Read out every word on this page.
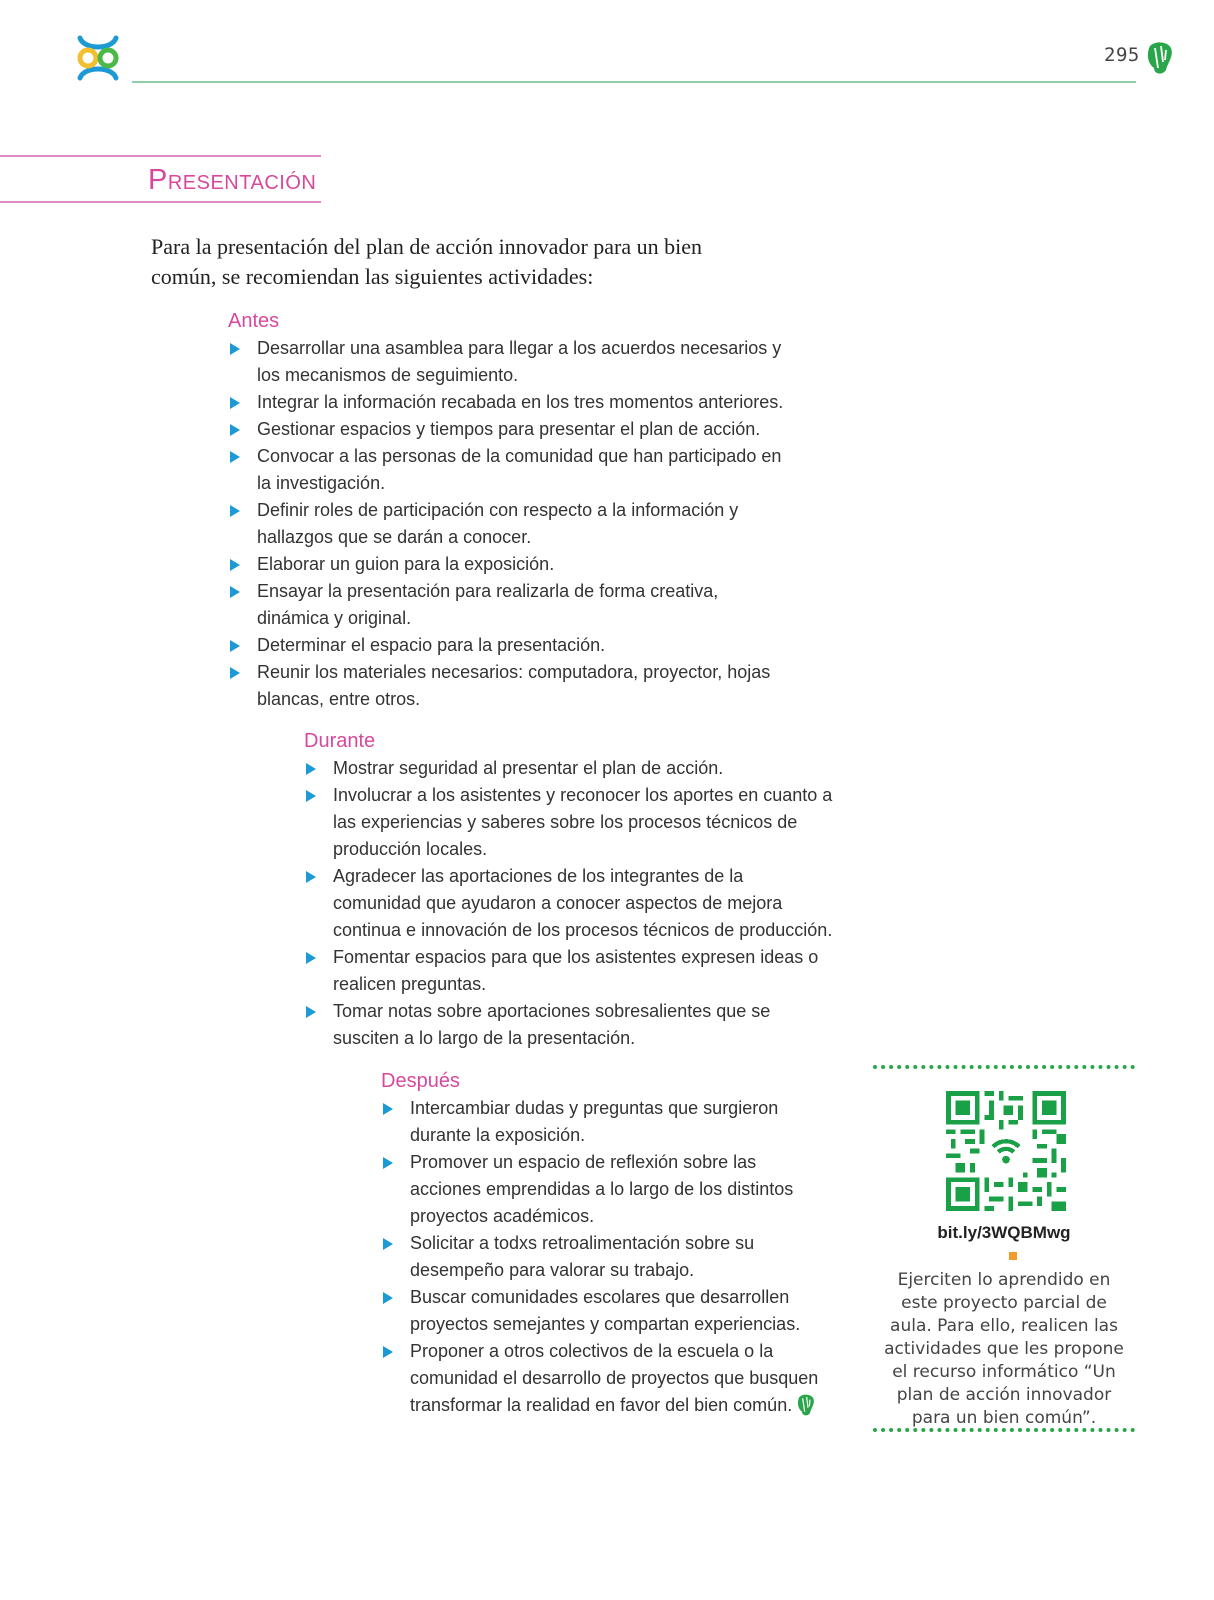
295
Presentación
Para la presentación del plan de acción innovador para un bien común, se recomiendan las siguientes actividades:
Antes
Desarrollar una asamblea para llegar a los acuerdos necesarios y los mecanismos de seguimiento.
Integrar la información recabada en los tres momentos anteriores.
Gestionar espacios y tiempos para presentar el plan de acción.
Convocar a las personas de la comunidad que han participado en la investigación.
Definir roles de participación con respecto a la información y hallazgos que se darán a conocer.
Elaborar un guion para la exposición.
Ensayar la presentación para realizarla de forma creativa, dinámica y original.
Determinar el espacio para la presentación.
Reunir los materiales necesarios: computadora, proyector, hojas blancas, entre otros.
Durante
Mostrar seguridad al presentar el plan de acción.
Involucrar a los asistentes y reconocer los aportes en cuanto a las experiencias y saberes sobre los procesos técnicos de producción locales.
Agradecer las aportaciones de los integrantes de la comunidad que ayudaron a conocer aspectos de mejora continua e innovación de los procesos técnicos de producción.
Fomentar espacios para que los asistentes expresen ideas o realicen preguntas.
Tomar notas sobre aportaciones sobresalientes que se susciten a lo largo de la presentación.
Después
Intercambiar dudas y preguntas que surgieron durante la exposición.
Promover un espacio de reflexión sobre las acciones emprendidas a lo largo de los distintos proyectos académicos.
Solicitar a todxs retroalimentación sobre su desempeño para valorar su trabajo.
Buscar comunidades escolares que desarrollen proyectos semejantes y compartan experiencias.
Proponer a otros colectivos de la escuela o la comunidad el desarrollo de proyectos que busquen transformar la realidad en favor del bien común.
bit.ly/3WQBMwg
Ejerciten lo aprendido en este proyecto parcial de aula. Para ello, realicen las actividades que les propone el recurso informático “Un plan de acción innovador para un bien común”.
